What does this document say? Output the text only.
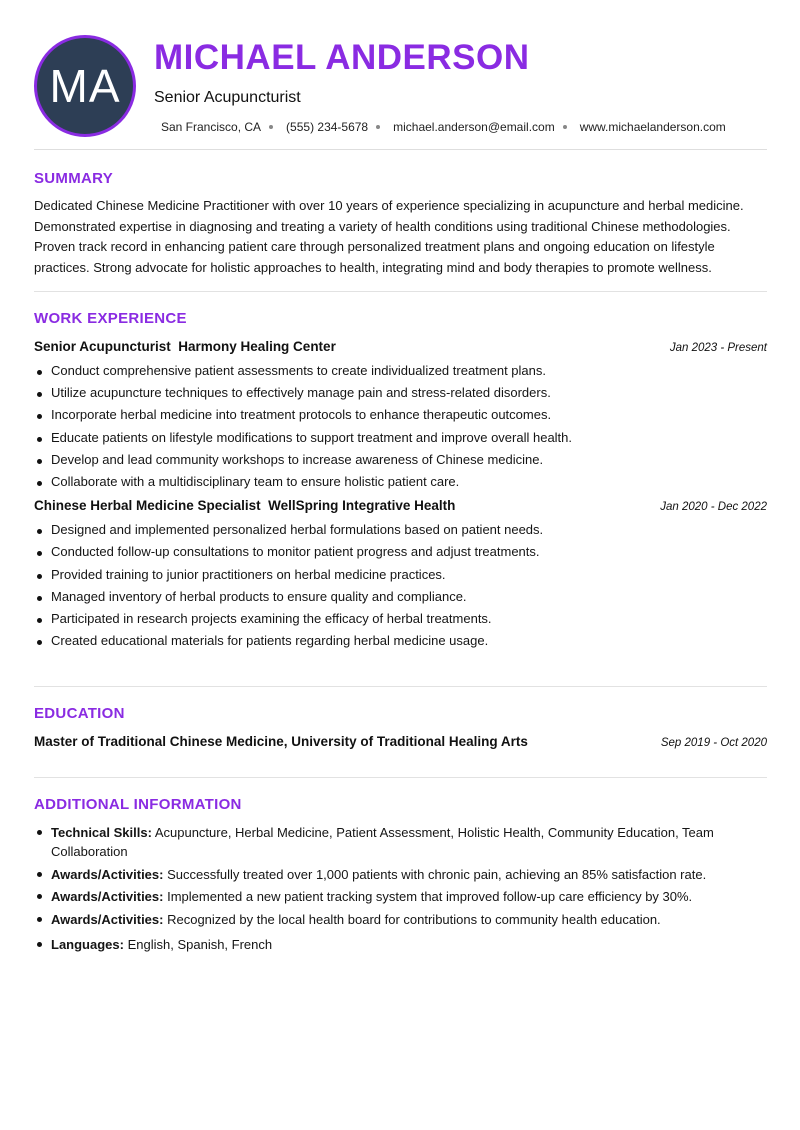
MA
MICHAEL ANDERSON
Senior Acupuncturist
San Francisco, CA (555) 234-5678 michael.anderson@email.com www.michaelanderson.com
SUMMARY

Dedicated Chinese Medicine Practitioner with over 10 years of experience specializing in acupuncture and herbal medicine. Demonstrated expertise in diagnosing and treating a variety of health conditions using traditional Chinese methodologies. Proven track record in enhancing patient care through personalized treatment plans and ongoing education on lifestyle practices. Strong advocate for holistic approaches to health, integrating mind and body therapies to promote wellness.

WORK EXPERIENCE
Senior Acupuncturist Harmony Healing Center	Jan 2023 - Present
Conduct comprehensive patient assessments to create individualized treatment plans.
Utilize acupuncture techniques to effectively manage pain and stress-related disorders.
Incorporate herbal medicine into treatment protocols to enhance therapeutic outcomes.
Educate patients on lifestyle modifications to support treatment and improve overall health.
Develop and lead community workshops to increase awareness of Chinese medicine.
Collaborate with a multidisciplinary team to ensure holistic patient care.
Chinese Herbal Medicine Specialist WellSpring Integrative Health	Jan 2020 - Dec 2022
Designed and implemented personalized herbal formulations based on patient needs.
Conducted follow-up consultations to monitor patient progress and adjust treatments.
Provided training to junior practitioners on herbal medicine practices.
Managed inventory of herbal products to ensure quality and compliance.
Participated in research projects examining the efficacy of herbal treatments.
Created educational materials for patients regarding herbal medicine usage.
EDUCATION
Master of Traditional Chinese Medicine, University of Traditional Healing Arts	Sep 2019 - Oct 2020
ADDITIONAL INFORMATION
Technical Skills: Acupuncture, Herbal Medicine, Patient Assessment, Holistic Health, Community Education, Team Collaboration
Awards/Activities: Successfully treated over 1,000 patients with chronic pain, achieving an 85% satisfaction rate.
Awards/Activities: Implemented a new patient tracking system that improved follow-up care efficiency by 30%.
Awards/Activities: Recognized by the local health board for contributions to community health education.
Languages: English, Spanish, French
